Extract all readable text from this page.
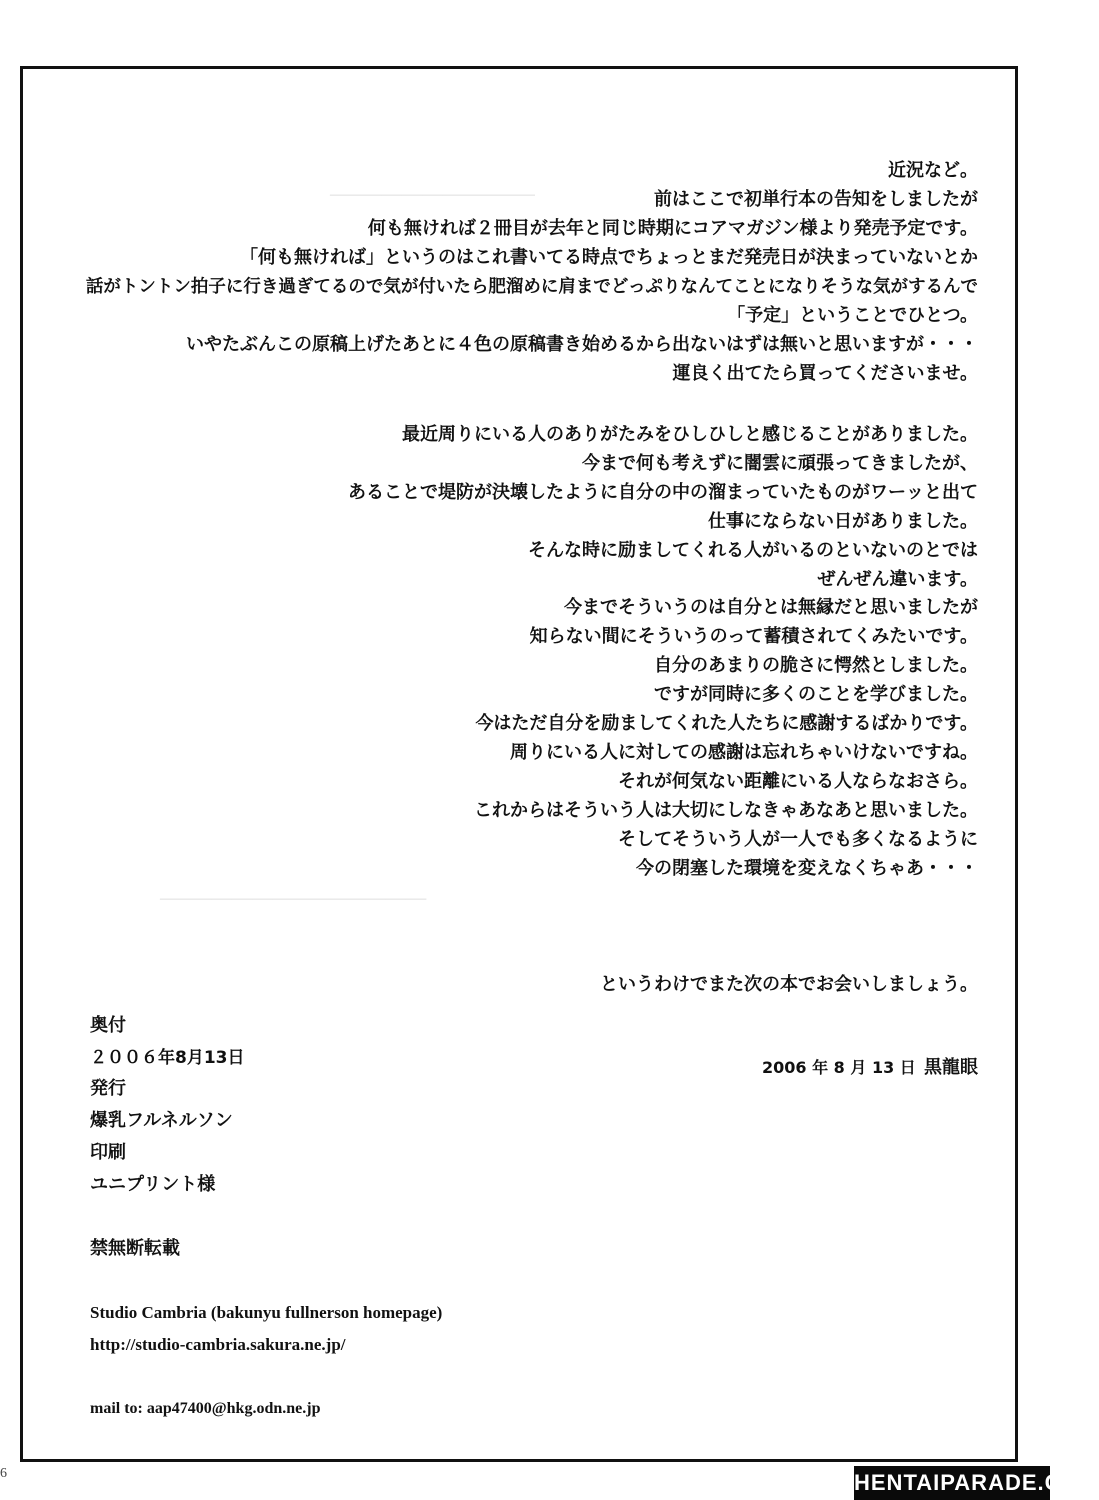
────────────────────
──────────────────────────
近況など。
前はここで初単行本の告知をしましたが
何も無ければ２冊目が去年と同じ時期にコアマガジン様より発売予定です。
「何も無ければ」というのはこれ書いてる時点でちょっとまだ発売日が決まっていないとか
話がトントン拍子に行き過ぎてるので気が付いたら肥溜めに肩までどっぷりなんてことになりそうな気がするんで
「予定」ということでひとつ。
いやたぶんこの原稿上げたあとに４色の原稿書き始めるから出ないはずは無いと思いますが・・・
運良く出てたら買ってくださいませ。
最近周りにいる人のありがたみをひしひしと感じることがありました。
今まで何も考えずに闇雲に頑張ってきましたが、
あることで堤防が決壊したように自分の中の溜まっていたものがワーッと出て
仕事にならない日がありました。
そんな時に励ましてくれる人がいるのといないのとでは
ぜんぜん違います。
今までそういうのは自分とは無縁だと思いましたが
知らない間にそういうのって蓄積されてくみたいです。
自分のあまりの脆さに愕然としました。
ですが同時に多くのことを学びました。
今はただ自分を励ましてくれた人たちに感謝するばかりです。
周りにいる人に対しての感謝は忘れちゃいけないですね。
それが何気ない距離にいる人ならなおさら。
これからはそういう人は大切にしなきゃあなあと思いました。
そしてそういう人が一人でも多くなるように
今の閉塞した環境を変えなくちゃあ・・・
というわけでまた次の本でお会いしましょう。
2006 年 8 月 13 日 黒龍眼
奥付
２００６年8月13日
発行
爆乳フルネルソン
印刷
ユニプリント様
禁無断転載
Studio Cambria (bakunyu fullnerson homepage)
http://studio-cambria.sakura.ne.jp/
mail to: aap47400@hkg.odn.ne.jp
6	HENTAIPARADE.COM
